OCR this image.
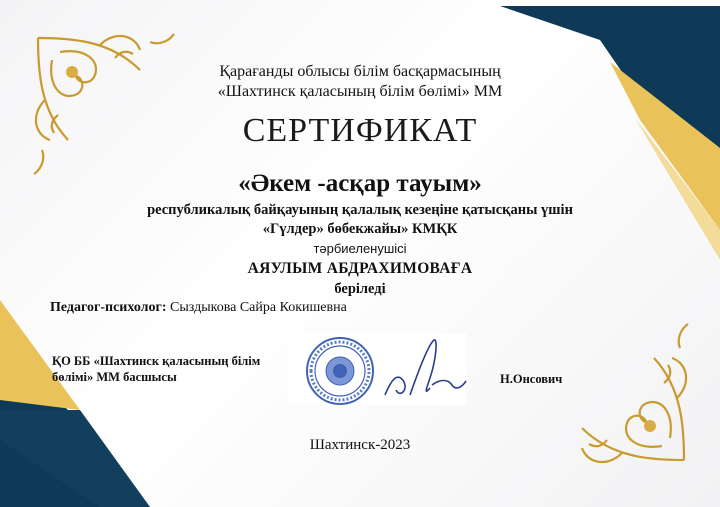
Қарағанды облысы білім басқармасының
«Шахтинск қаласының білім бөлімі» ММ
СЕРТИФИКАТ
«Әкем -асқар тауым»
республикалық байқауының қалалық кезеңіне қатысқаны үшін
«Гүлдер» бөбекжайы» КМҚК
тәрбиеленушісі
АЯУЛЫМ АБДРАХИМОВАҒА
беріледі
Педагог-психолог: Сыздыкова Сайра Кокишевна
ҚО ББ «Шахтинск қаласының білім
бөлімі» ММ басшысы	Н.Онсович
Шахтинск-2023
